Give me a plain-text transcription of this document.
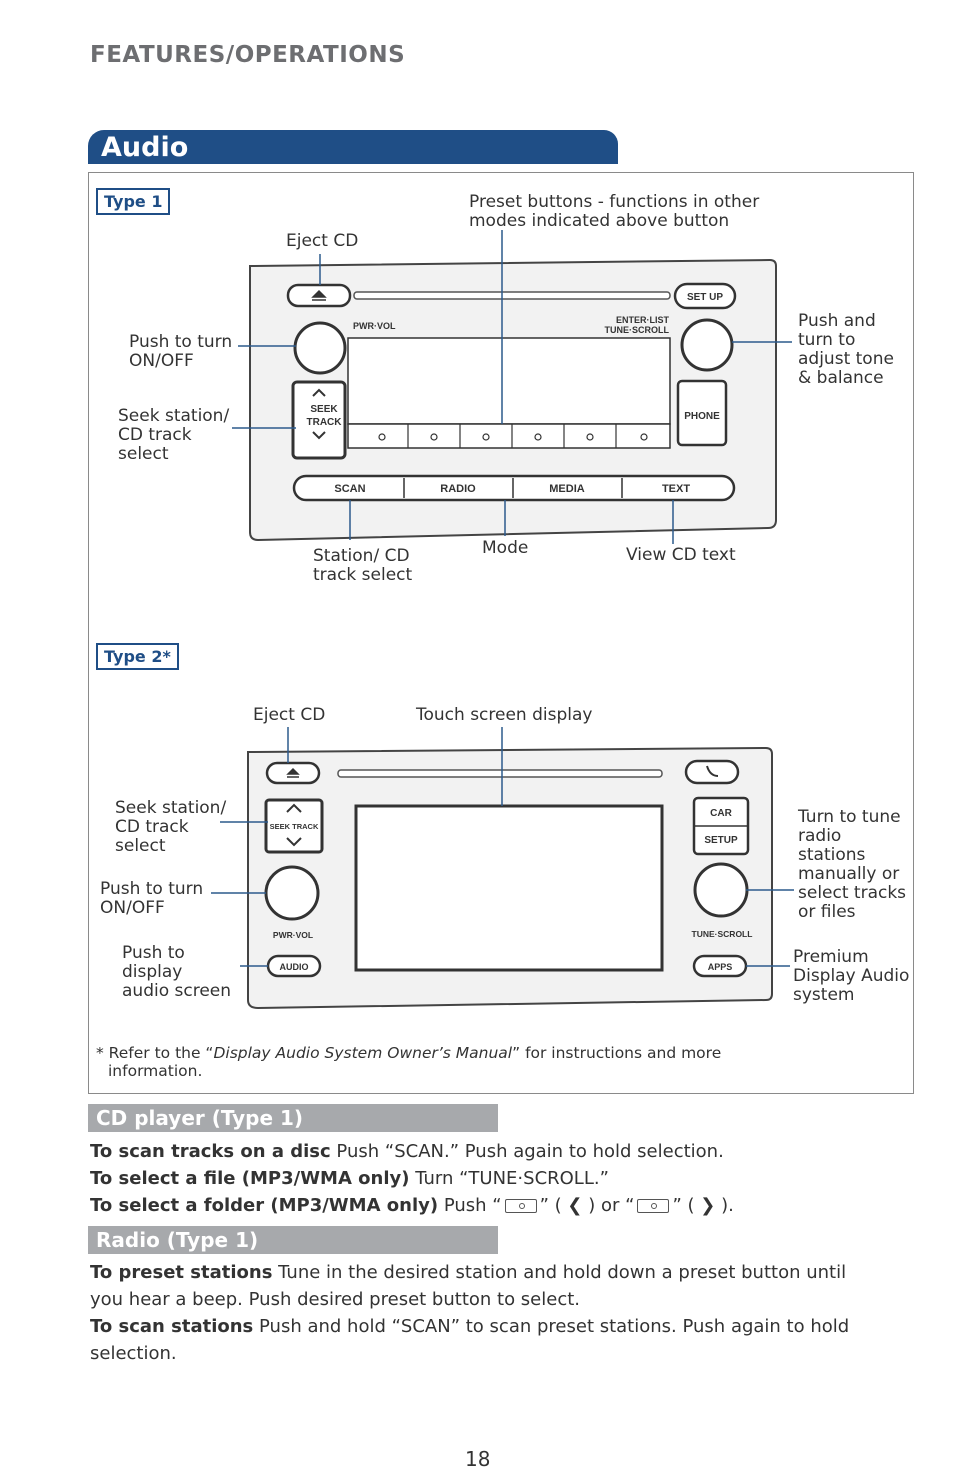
FEATURES/OPERATIONS
Audio
Type 1
SET UP
PWR·VOL
ENTER·LIST
TUNE·SCROLL
SEEK
TRACK
PHONE
SCAN	RADIO	MEDIA	TEXT
SEEK TRACK
CAR
SETUP
PWR·VOL	TUNE·SCROLL
AUDIO	APPS
Preset buttons - functions in other
modes indicated above button
Eject CD
Push to turn
ON/OFF
Push and
turn to
adjust tone
& balance
Seek station/
CD track
select
Station/ CD
track select
Mode	View CD text
Type 2*
Eject CD	Touch screen display
Seek station/
CD track
select
Turn to tune
radio
stations
manually or
select tracks
or files
Push to turn
ON/OFF
Push to
display
audio screen
Premium
Display Audio
system
* Refer to the “Display Audio System Owner’s Manual” for instructions and more
information.
CD player (Type 1)
To scan tracks on a disc Push “SCAN.” Push again to hold selection.
To select a file (MP3/WMA only) Turn “TUNE·SCROLL.”
To select a folder (MP3/WMA only) Push “ ” ( ❮ ) or “ ” ( ❯ ).
Radio (Type 1)
To preset stations Tune in the desired station and hold down a preset button until
you hear a beep. Push desired preset button to select.
To scan stations Push and hold “SCAN” to scan preset stations. Push again to hold
selection.
18
